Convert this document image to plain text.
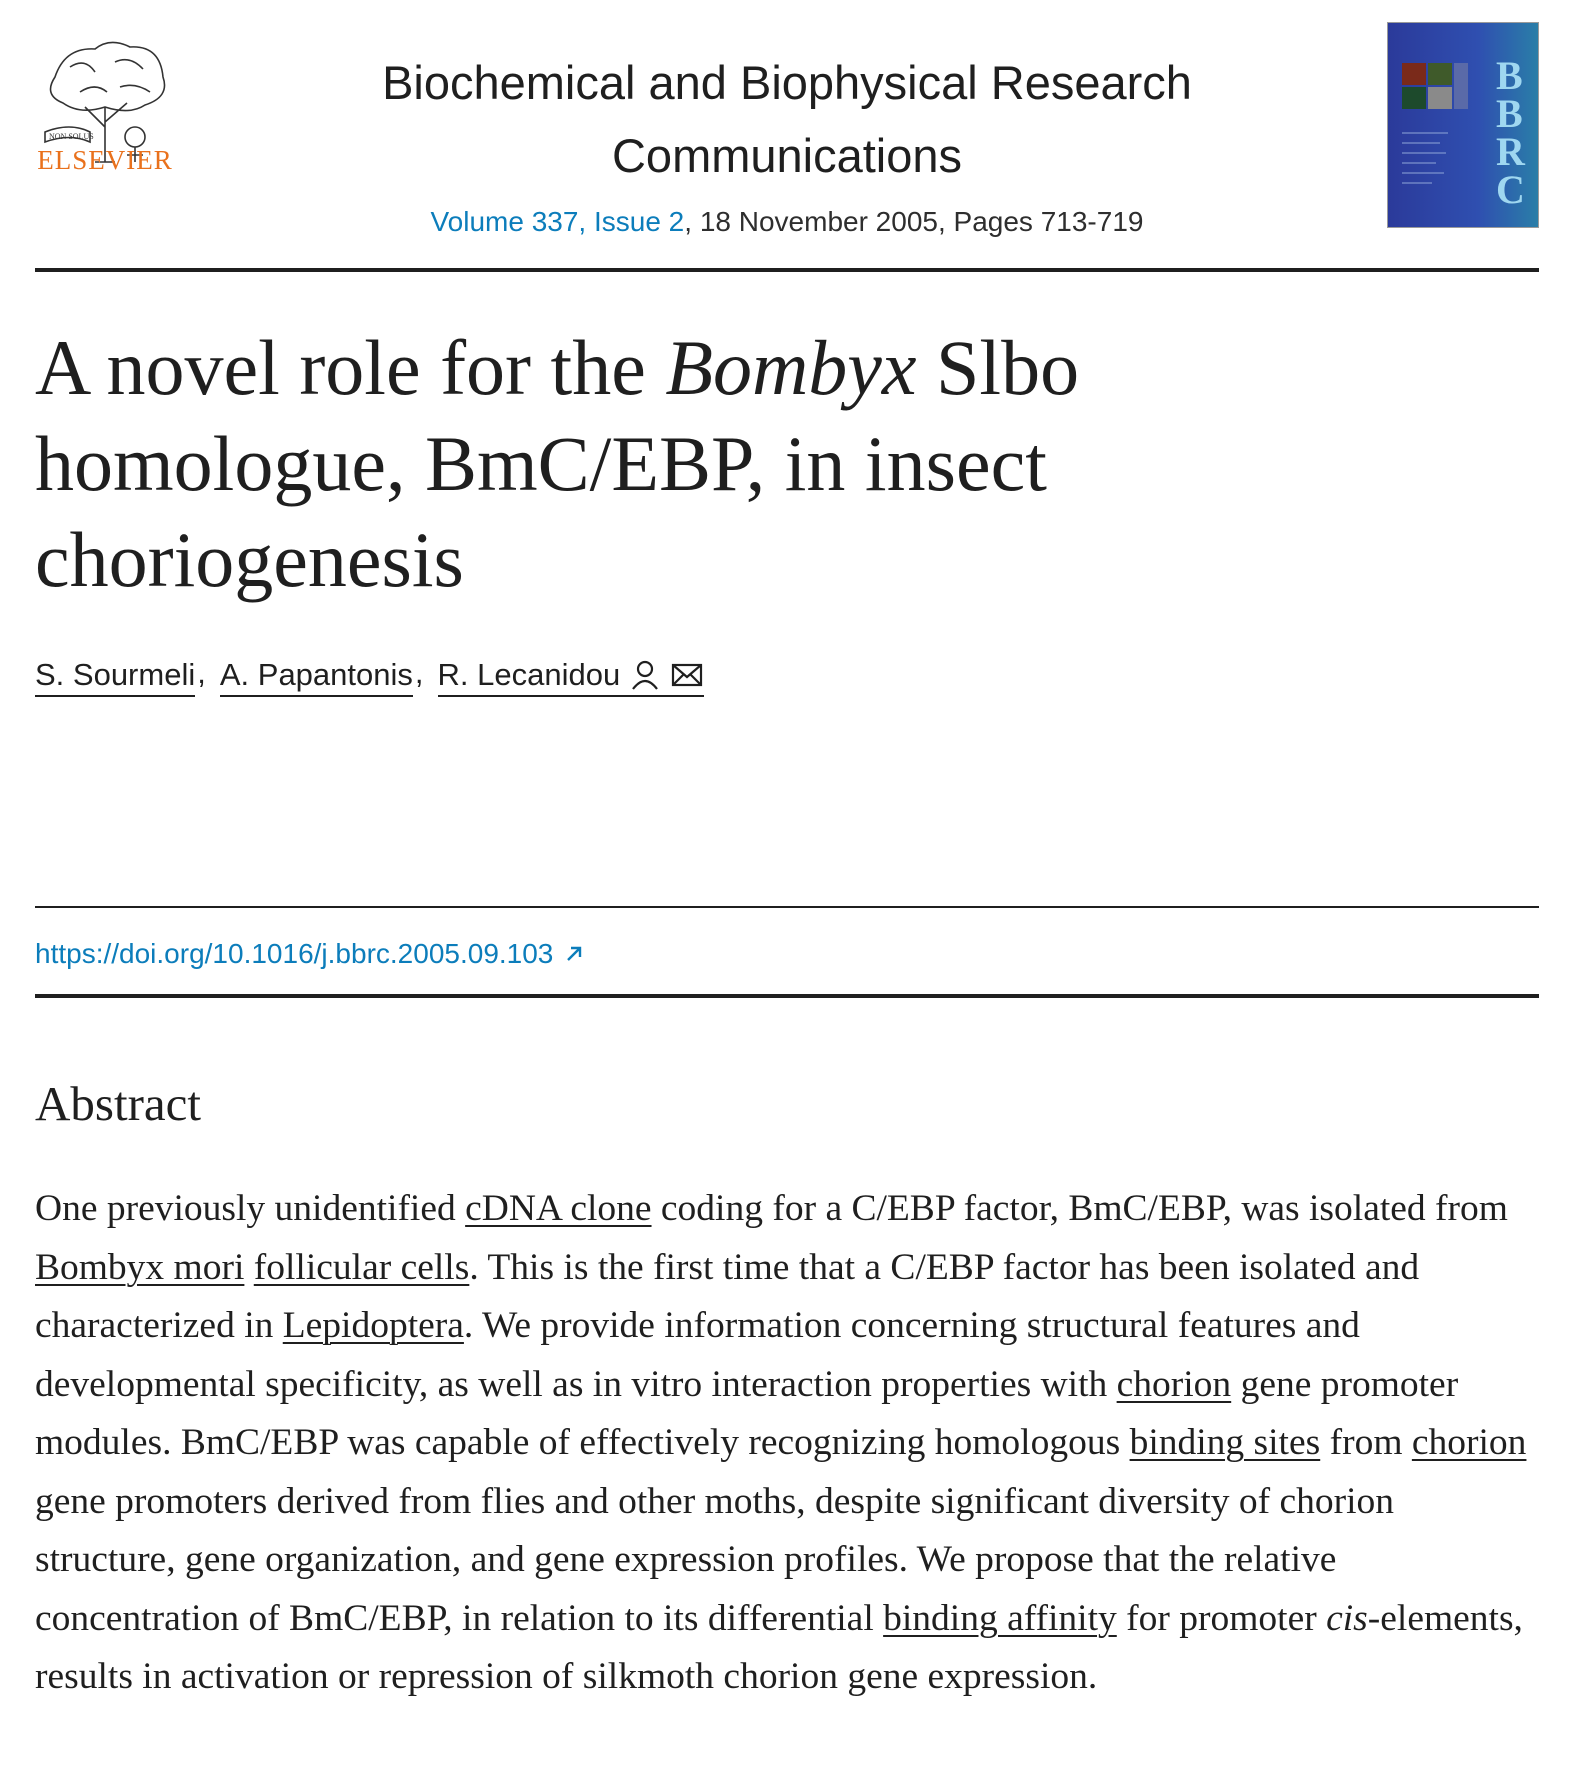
NON SOLUS
ELSEVIER
Biochemical and Biophysical Research Communications
Volume 337, Issue 2, 18 November 2005, Pages 713-719
B
B
R
C
A novel role for the Bombyx Slbo homologue, BmC/EBP, in insect choriogenesis
S. Sourmeli , A. Papantonis , R. Lecanidou
https://doi.org/10.1016/j.bbrc.2005.09.103
Abstract

One previously unidentified cDNA clone coding for a C/EBP factor, BmC/EBP, was isolated from Bombyx mori follicular cells. This is the first time that a C/EBP factor has been isolated and characterized in Lepidoptera. We provide information concerning structural features and developmental specificity, as well as in vitro interaction properties with chorion gene promoter modules. BmC/EBP was capable of effectively recognizing homologous binding sites from chorion gene promoters derived from flies and other moths, despite significant diversity of chorion structure, gene organization, and gene expression profiles. We propose that the relative concentration of BmC/EBP, in relation to its differential binding affinity for promoter cis-elements, results in activation or repression of silkmoth chorion gene expression.
